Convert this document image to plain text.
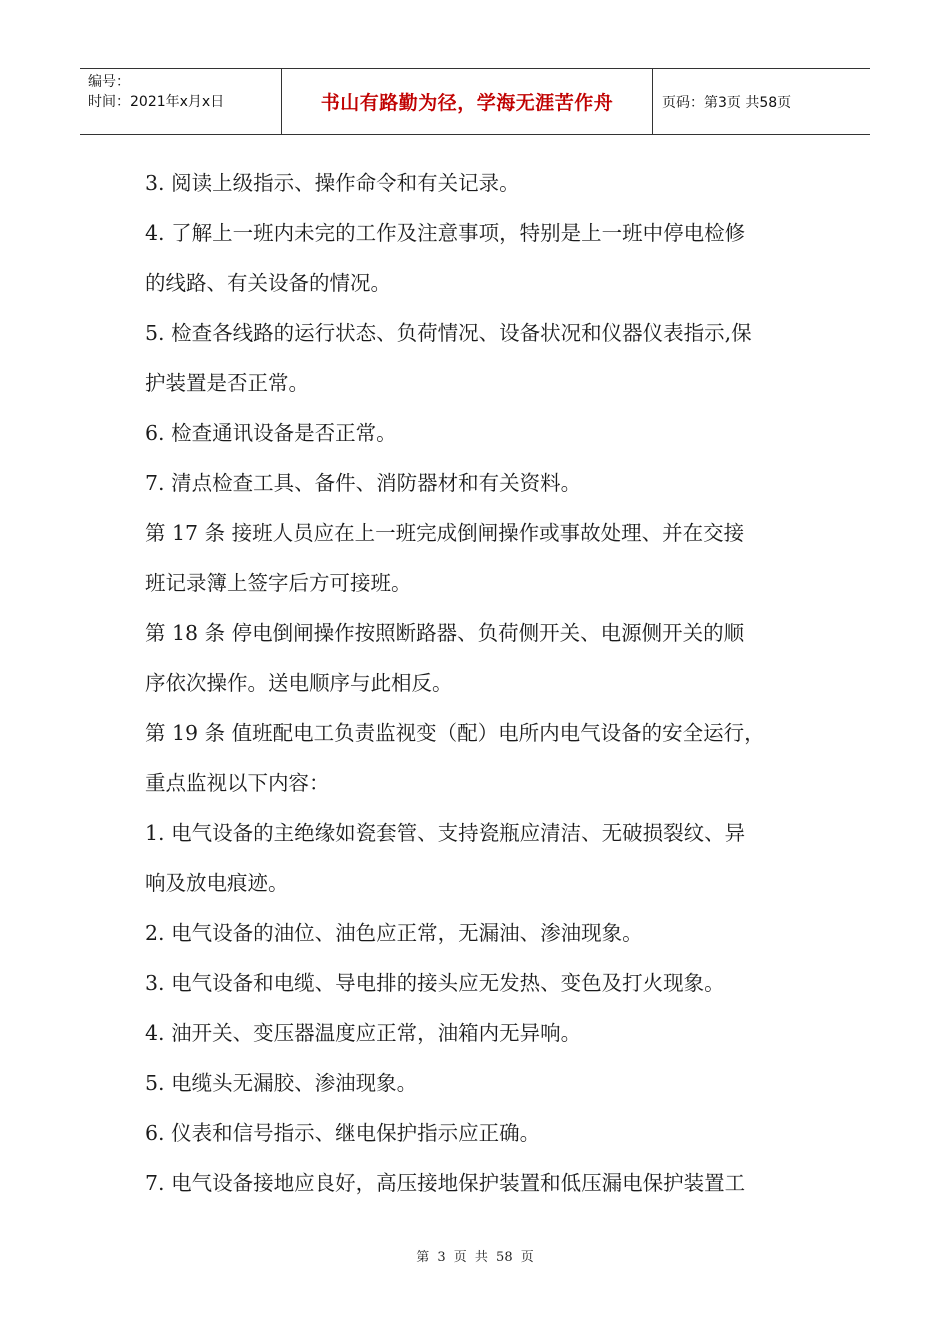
编号：
时间：2021年x月x日	书山有路勤为径，学海无涯苦作舟	页码：第3页 共58页
3. 阅读上级指示、操作命令和有关记录。
4. 了解上一班内未完的工作及注意事项，特别是上一班中停电检修
的线路、有关设备的情况。
5. 检查各线路的运行状态、负荷情况、设备状况和仪器仪表指示,保
护装置是否正常。
6. 检查通讯设备是否正常。
7. 清点检查工具、备件、消防器材和有关资料。
第 17 条 接班人员应在上一班完成倒闸操作或事故处理、并在交接
班记录簿上签字后方可接班。
第 18 条 停电倒闸操作按照断路器、负荷侧开关、电源侧开关的顺
序依次操作。送电顺序与此相反。
第 19 条 值班配电工负责监视变（配）电所内电气设备的安全运行，
重点监视以下内容：
1. 电气设备的主绝缘如瓷套管、支持瓷瓶应清洁、无破损裂纹、异
响及放电痕迹。
2. 电气设备的油位、油色应正常，无漏油、渗油现象。
3. 电气设备和电缆、导电排的接头应无发热、变色及打火现象。
4. 油开关、变压器温度应正常，油箱内无异响。
5. 电缆头无漏胶、渗油现象。
6. 仪表和信号指示、继电保护指示应正确。
7. 电气设备接地应良好，高压接地保护装置和低压漏电保护装置工
第 3 页 共 58 页
